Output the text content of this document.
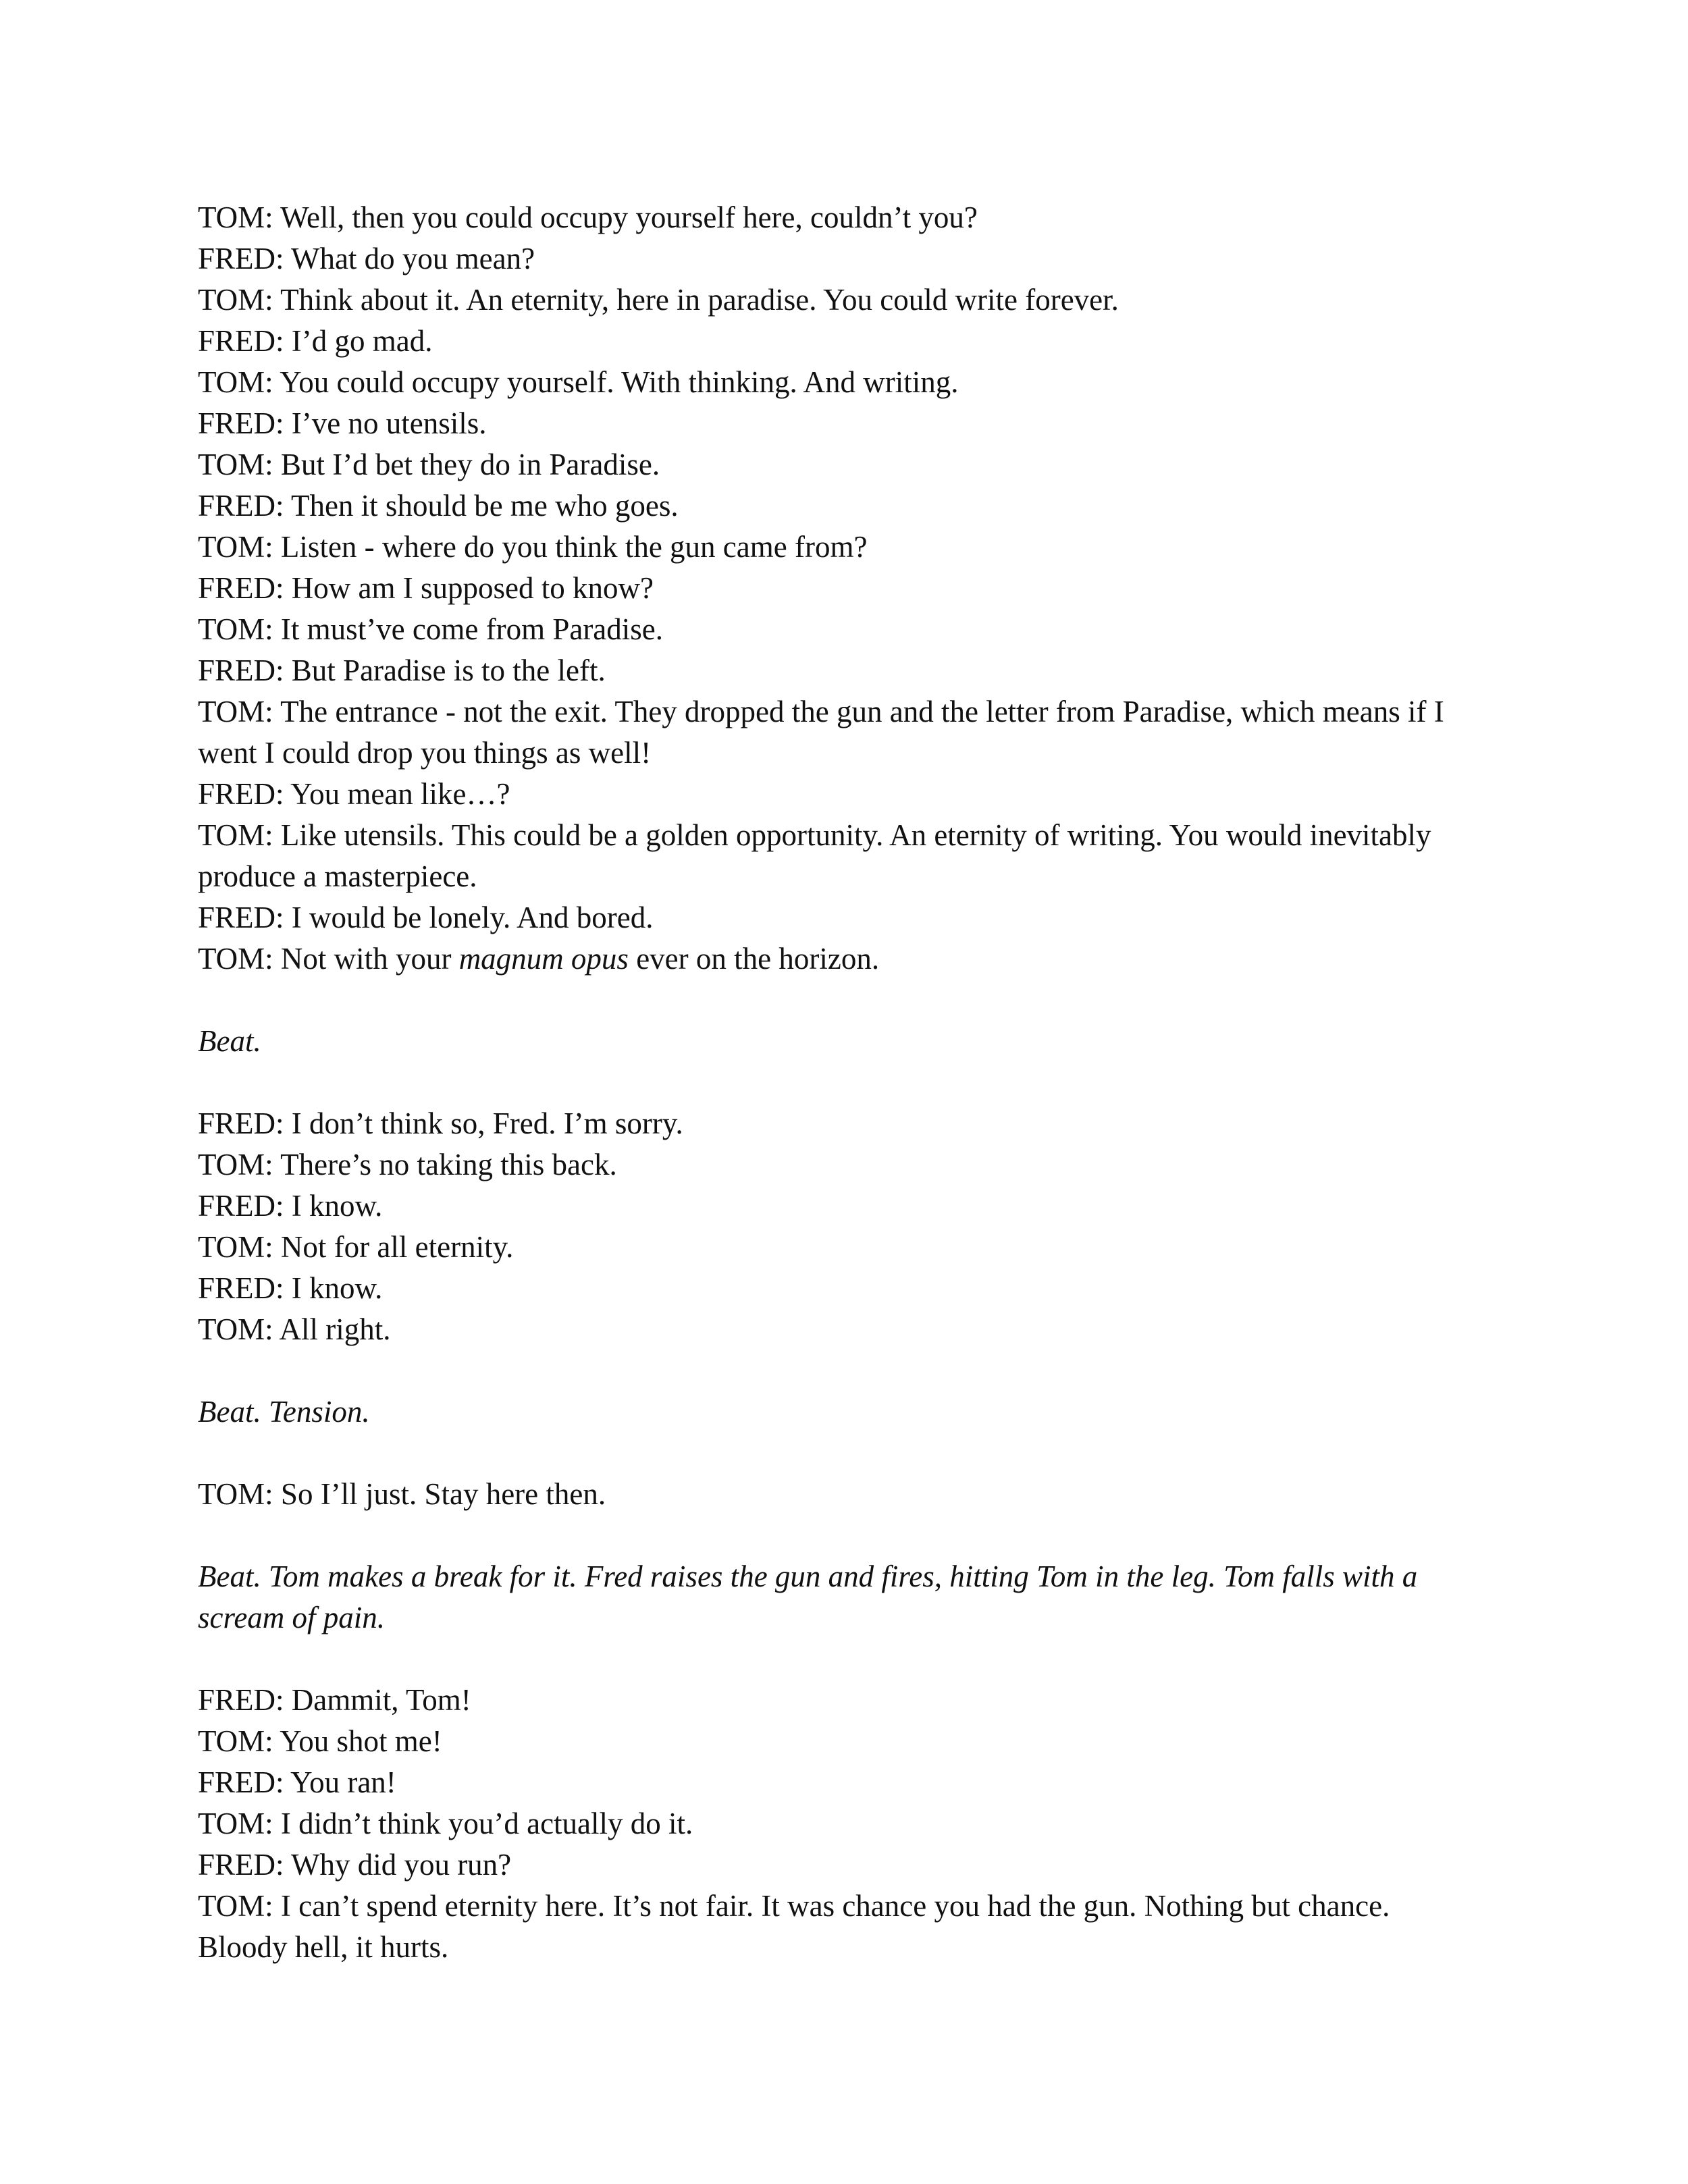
TOM: Well, then you could occupy yourself here, couldn’t you?

FRED: What do you mean?

TOM: Think about it. An eternity, here in paradise. You could write forever.

FRED: I’d go mad.

TOM: You could occupy yourself. With thinking. And writing.

FRED: I’ve no utensils.

TOM: But I’d bet they do in Paradise.

FRED: Then it should be me who goes.

TOM: Listen - where do you think the gun came from?

FRED: How am I supposed to know?

TOM: It must’ve come from Paradise.

FRED: But Paradise is to the left.

TOM: The entrance - not the exit. They dropped the gun and the letter from Paradise, which means if I went I could drop you things as well!

FRED: You mean like…?

TOM: Like utensils. This could be a golden opportunity. An eternity of writing. You would inevitably produce a masterpiece.

FRED: I would be lonely. And bored.

TOM: Not with your magnum opus ever on the horizon.

Beat.

FRED: I don’t think so, Fred. I’m sorry.

TOM: There’s no taking this back.

FRED: I know.

TOM: Not for all eternity.

FRED: I know.

TOM: All right.

Beat. Tension.

TOM: So I’ll just. Stay here then.

Beat. Tom makes a break for it. Fred raises the gun and fires, hitting Tom in the leg. Tom falls with a scream of pain.

FRED: Dammit, Tom!

TOM: You shot me!

FRED: You ran!

TOM: I didn’t think you’d actually do it.

FRED: Why did you run?

TOM: I can’t spend eternity here. It’s not fair. It was chance you had the gun. Nothing but chance. Bloody hell, it hurts.
